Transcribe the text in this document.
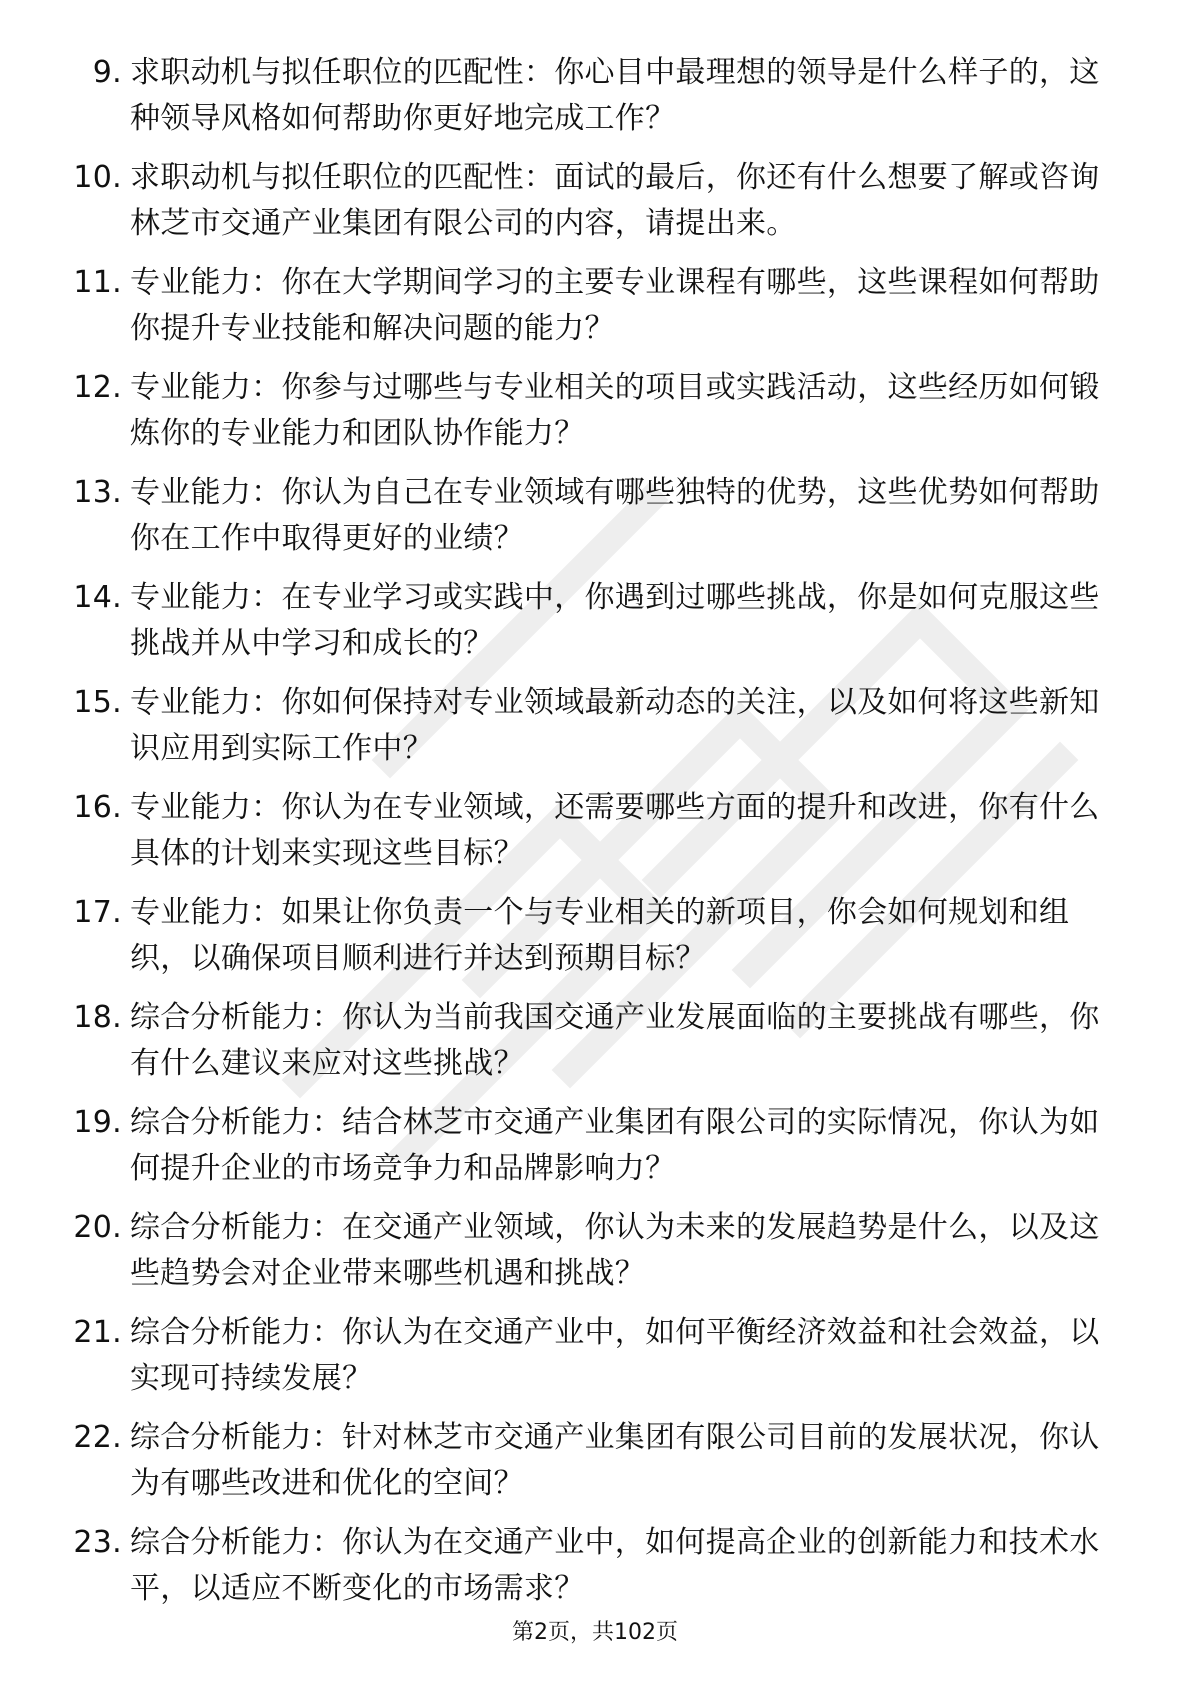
9. 求职动机与拟任职位的匹配性：你心目中最理想的领导是什么样子的，这种领导风格如何帮助你更好地完成工作？
10. 求职动机与拟任职位的匹配性：面试的最后，你还有什么想要了解或咨询林芝市交通产业集团有限公司的内容，请提出来。
11. 专业能力：你在大学期间学习的主要专业课程有哪些，这些课程如何帮助你提升专业技能和解决问题的能力？
12. 专业能力：你参与过哪些与专业相关的项目或实践活动，这些经历如何锻炼你的专业能力和团队协作能力？
13. 专业能力：你认为自己在专业领域有哪些独特的优势，这些优势如何帮助你在工作中取得更好的业绩？
14. 专业能力：在专业学习或实践中，你遇到过哪些挑战，你是如何克服这些挑战并从中学习和成长的？
15. 专业能力：你如何保持对专业领域最新动态的关注，以及如何将这些新知识应用到实际工作中？
16. 专业能力：你认为在专业领域，还需要哪些方面的提升和改进，你有什么具体的计划来实现这些目标？
17. 专业能力：如果让你负责一个与专业相关的新项目，你会如何规划和组织，以确保项目顺利进行并达到预期目标？
18. 综合分析能力：你认为当前我国交通产业发展面临的主要挑战有哪些，你有什么建议来应对这些挑战？
19. 综合分析能力：结合林芝市交通产业集团有限公司的实际情况，你认为如何提升企业的市场竞争力和品牌影响力？
20. 综合分析能力：在交通产业领域，你认为未来的发展趋势是什么，以及这些趋势会对企业带来哪些机遇和挑战？
21. 综合分析能力：你认为在交通产业中，如何平衡经济效益和社会效益，以实现可持续发展？
22. 综合分析能力：针对林芝市交通产业集团有限公司目前的发展状况，你认为有哪些改进和优化的空间？
23. 综合分析能力：你认为在交通产业中，如何提高企业的创新能力和技术水平，以适应不断变化的市场需求？
第2页，共102页
